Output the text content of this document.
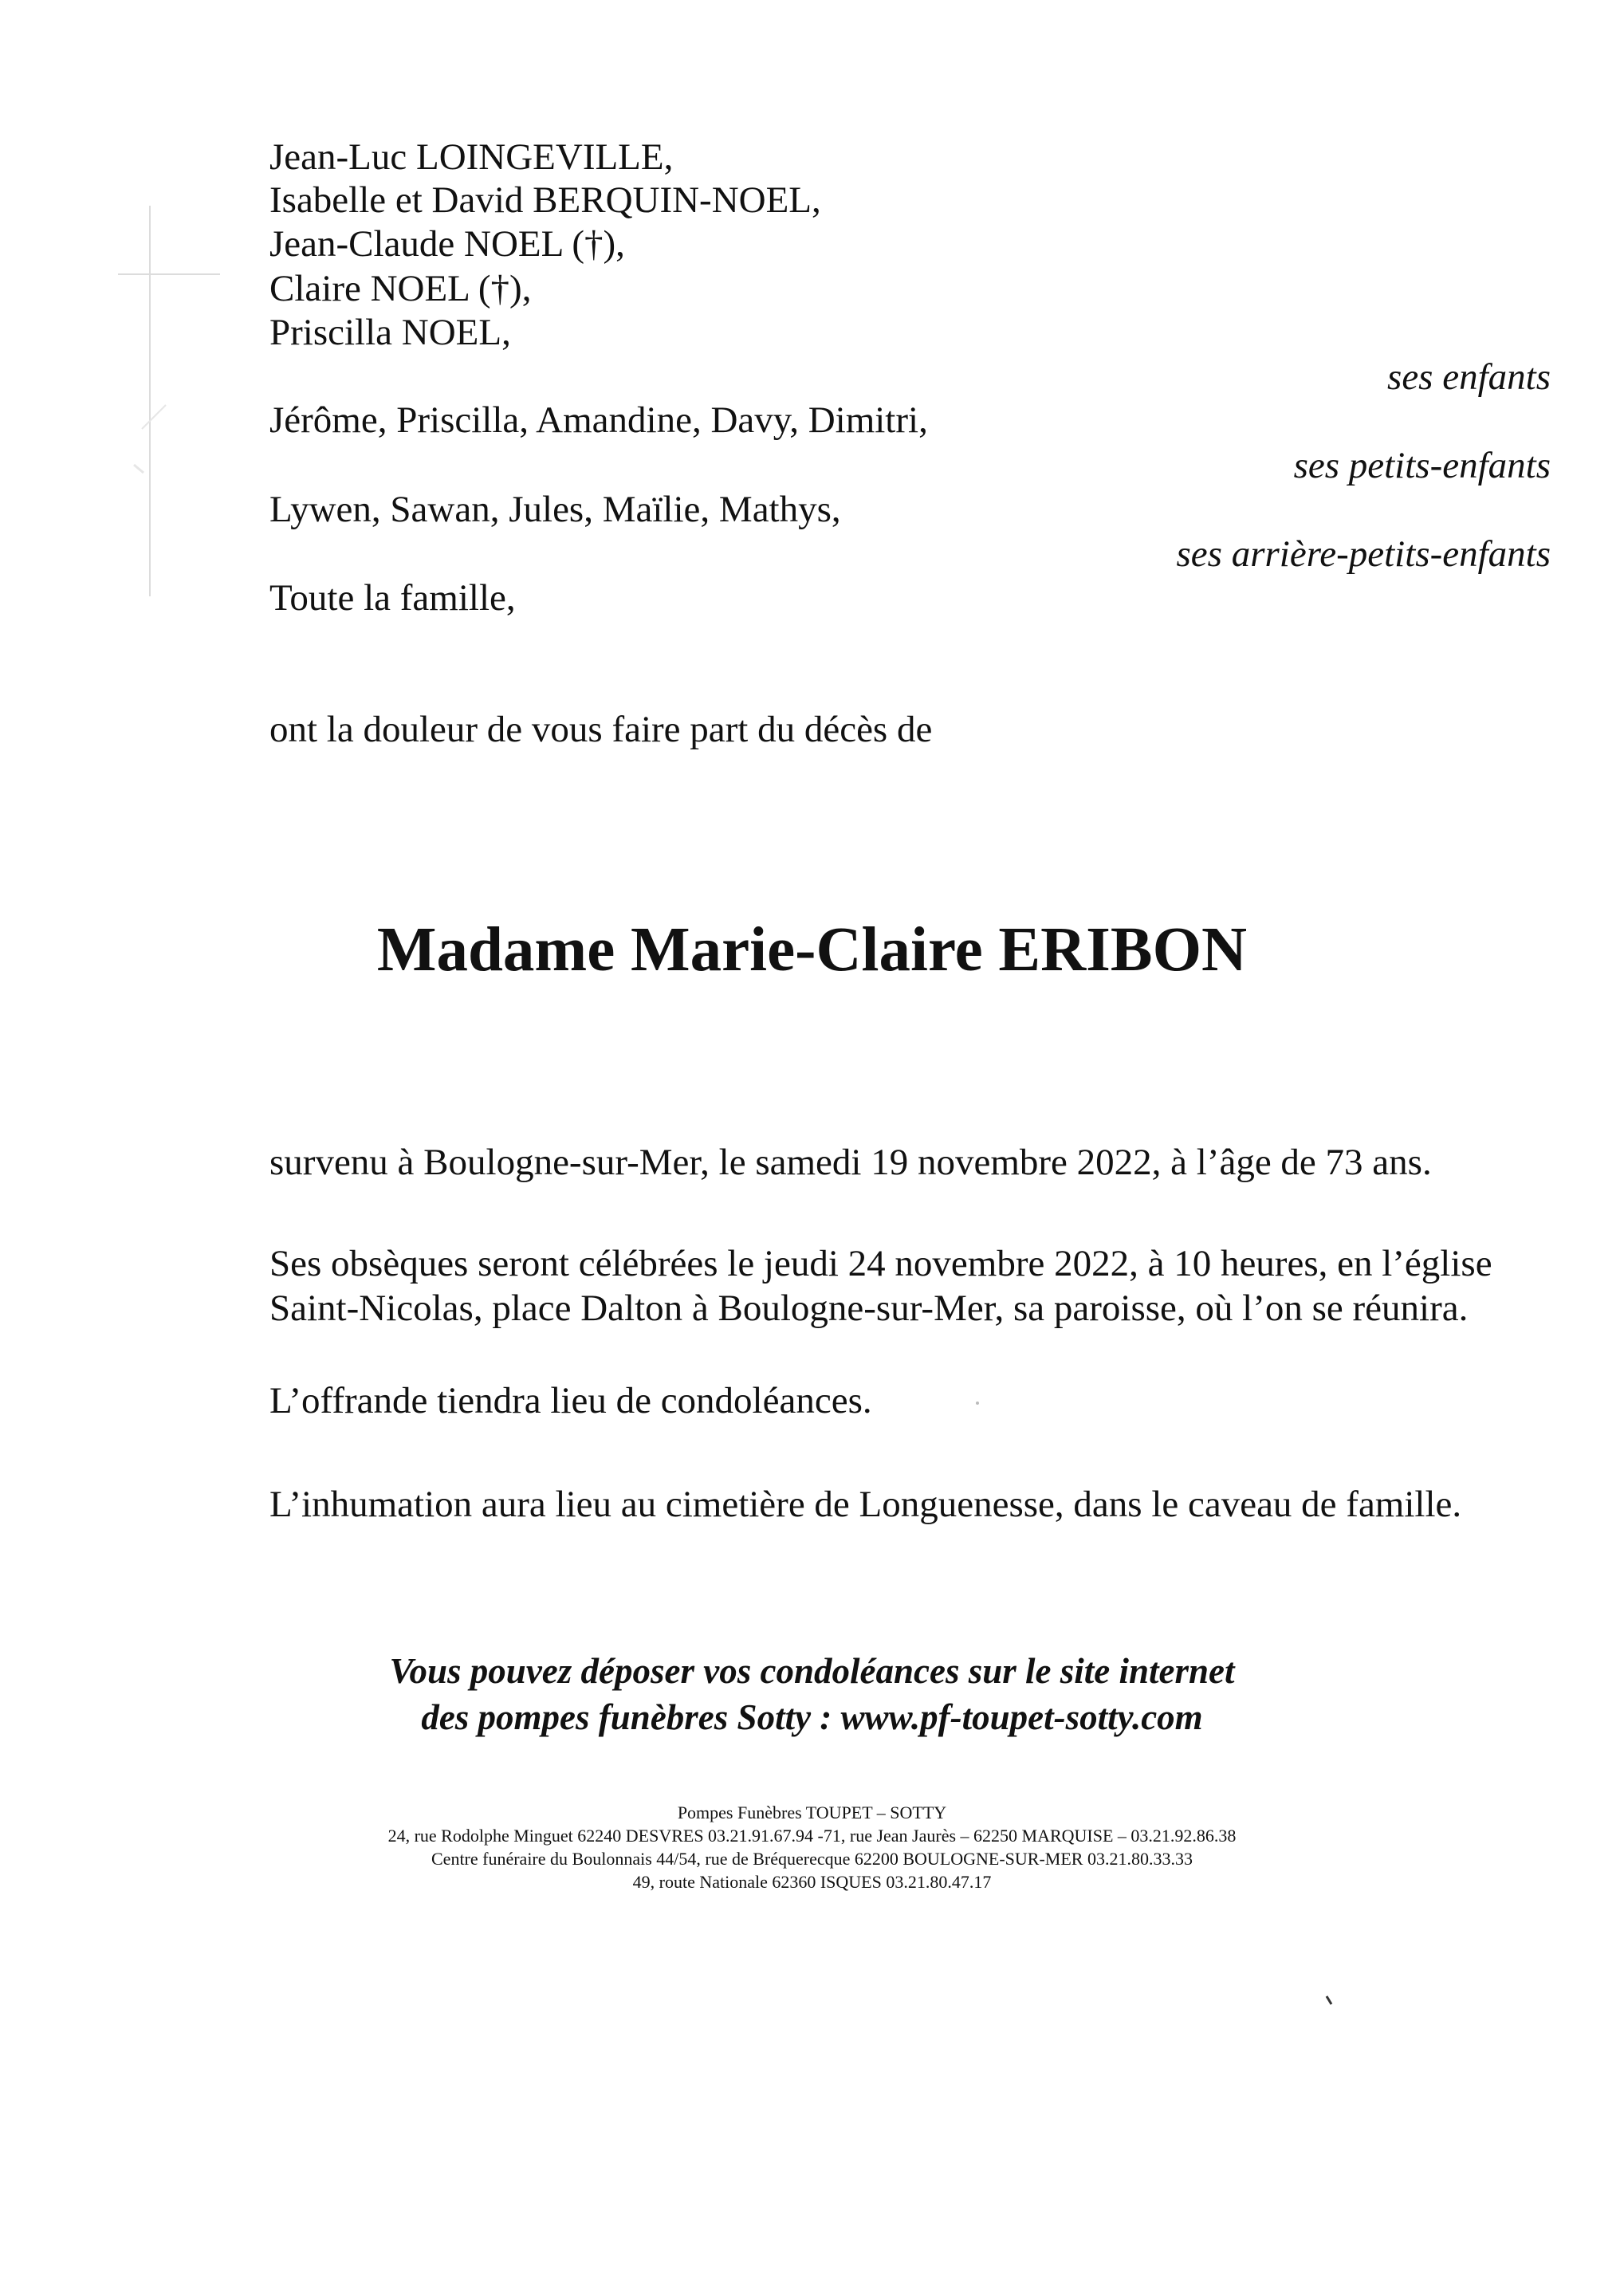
Jean-Luc LOINGEVILLE,
Isabelle et David BERQUIN-NOEL,
Jean-Claude NOEL (†),
Claire NOEL (†),
Priscilla NOEL,
Jérôme, Priscilla, Amandine, Davy, Dimitri,
Lywen, Sawan, Jules, Maïlie, Mathys,
Toute la famille,
ses enfants
ses petits-enfants
ses arrière-petits-enfants
ont la douleur de vous faire part du décès de
Madame Marie-Claire ERIBON
survenu à Boulogne-sur-Mer, le samedi 19 novembre 2022, à l’âge de 73 ans.
Ses obsèques seront célébrées le jeudi 24 novembre 2022, à 10 heures, en l’église
Saint-Nicolas, place Dalton à Boulogne-sur-Mer, sa paroisse, où l’on se réunira.
L’offrande tiendra lieu de condoléances.
L’inhumation aura lieu au cimetière de Longuenesse, dans le caveau de famille.
Vous pouvez déposer vos condoléances sur le site internet
des pompes funèbres Sotty : www.pf-toupet-sotty.com
Pompes Funèbres TOUPET – SOTTY
24, rue Rodolphe Minguet 62240 DESVRES 03.21.91.67.94 -71, rue Jean Jaurès – 62250 MARQUISE – 03.21.92.86.38
Centre funéraire du Boulonnais 44/54, rue de Bréquerecque 62200 BOULOGNE-SUR-MER 03.21.80.33.33
49, route Nationale 62360 ISQUES 03.21.80.47.17
